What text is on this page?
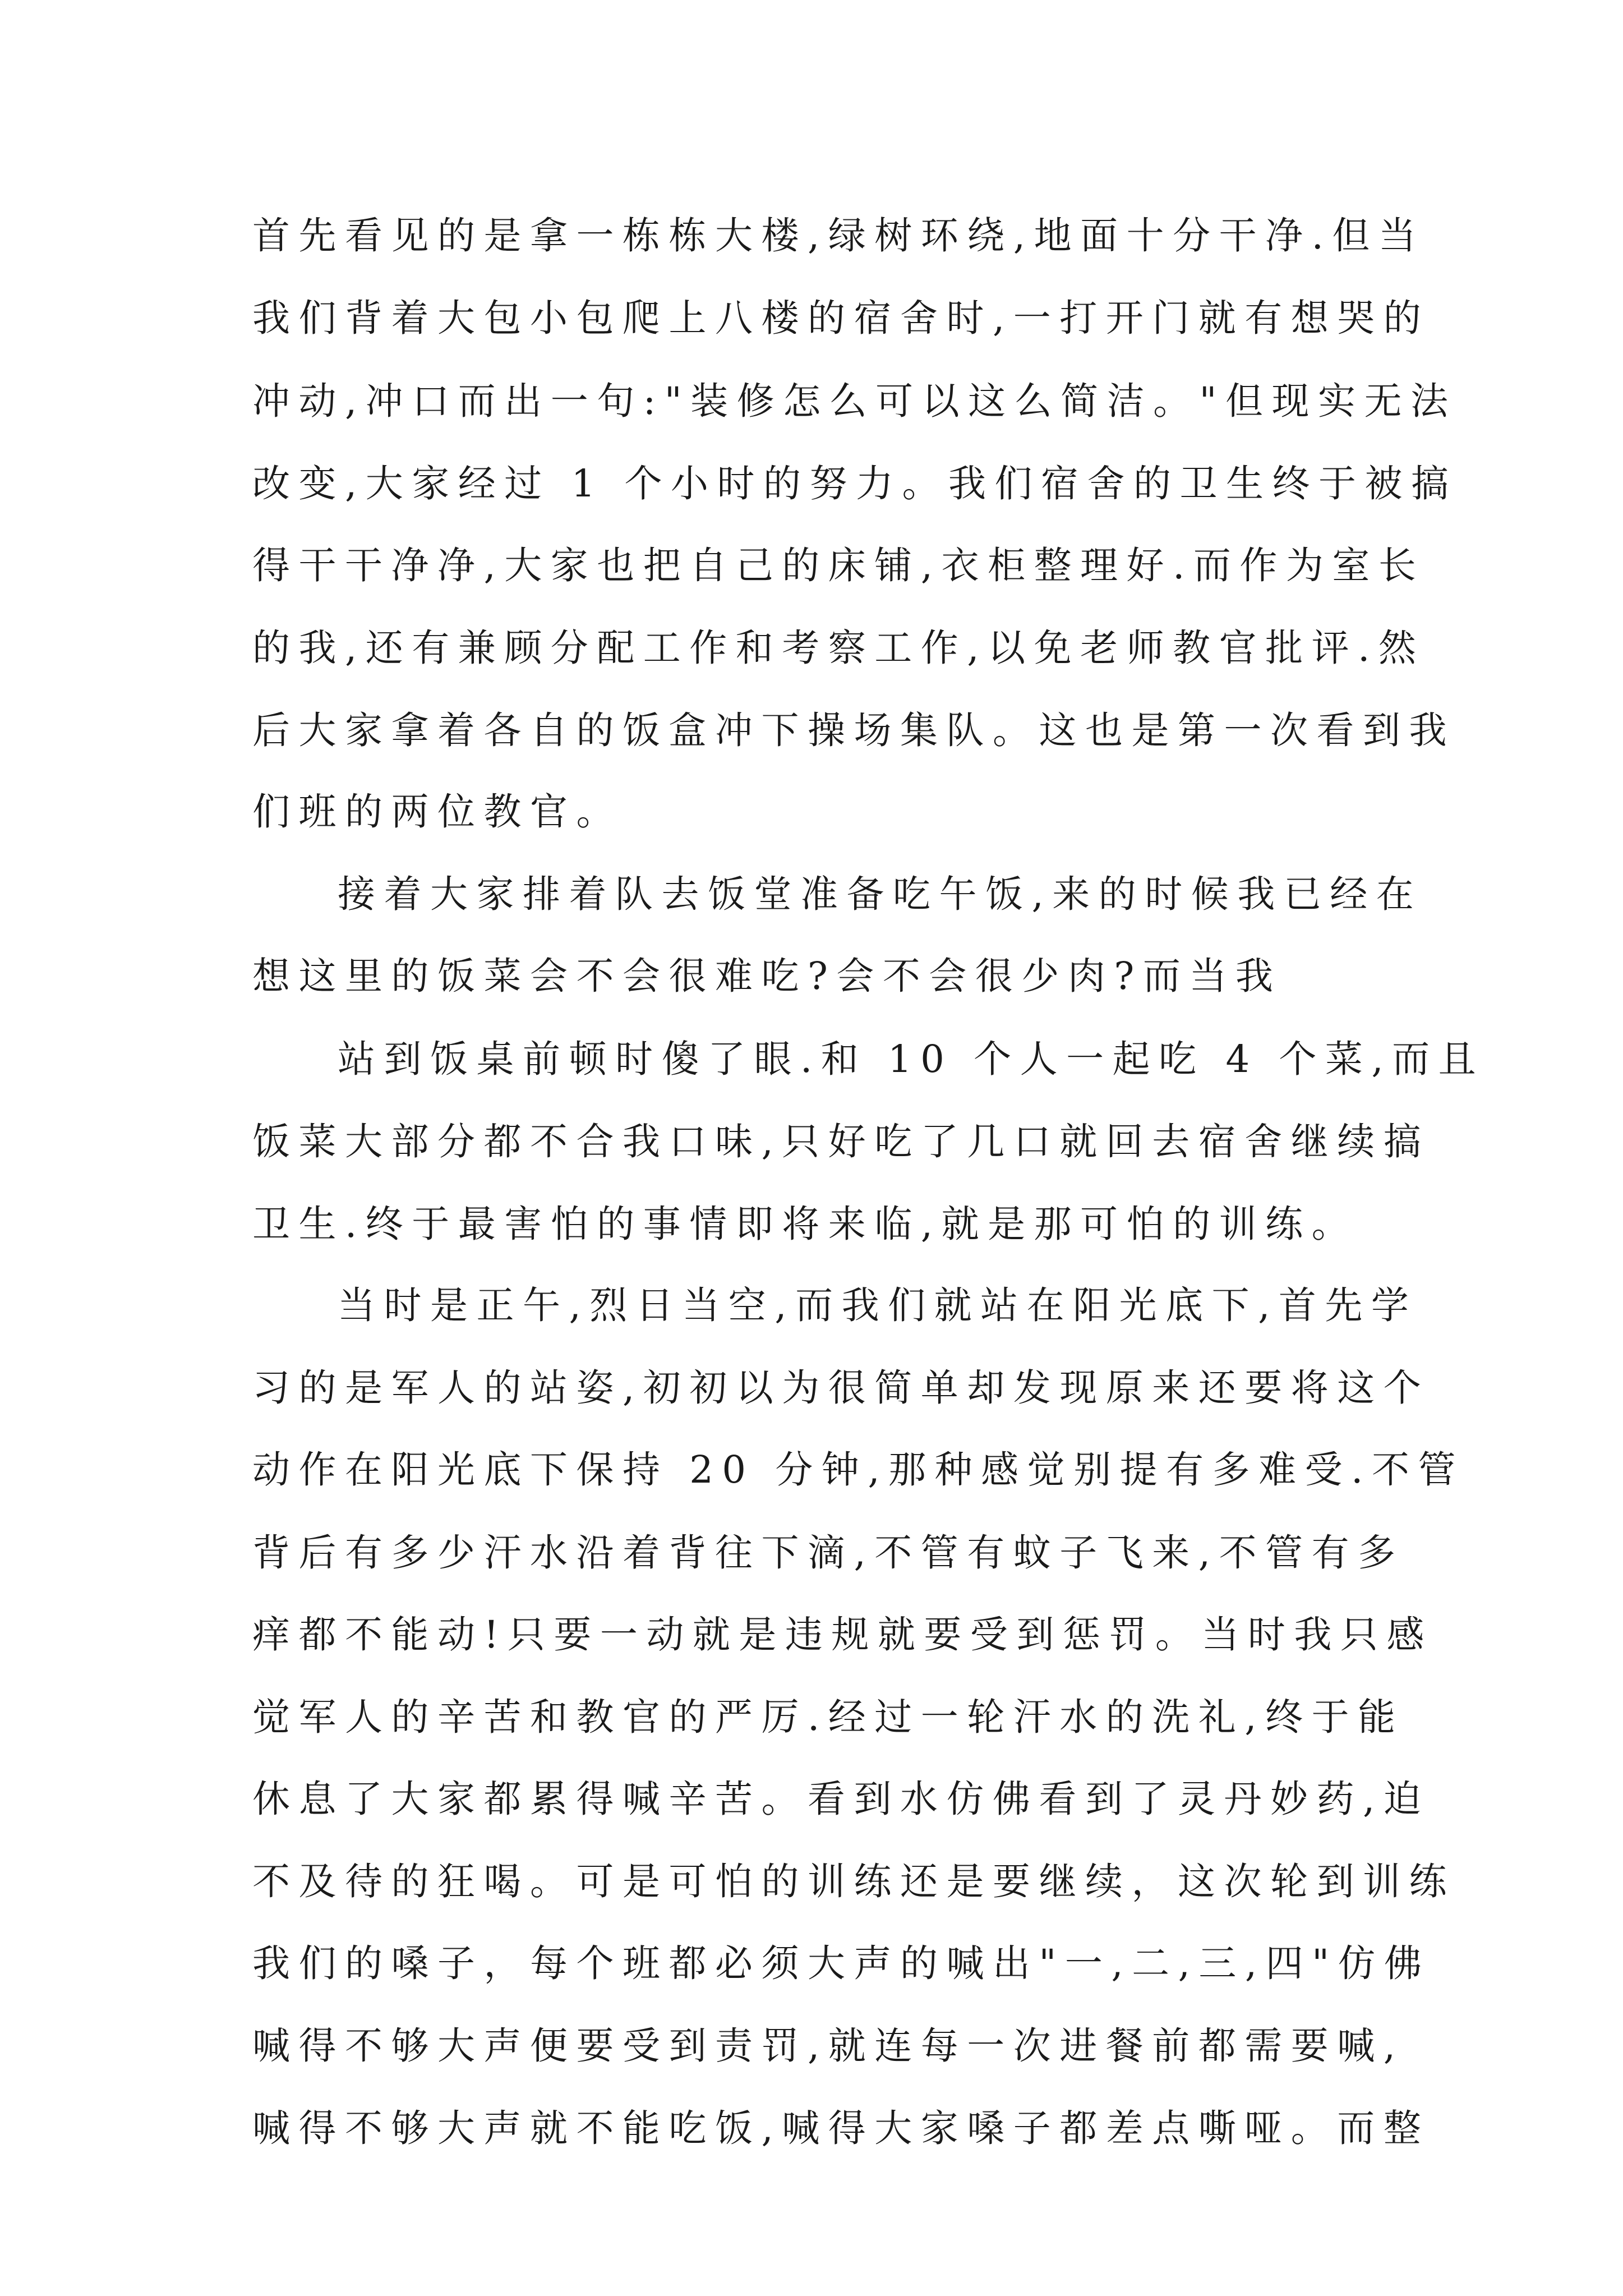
首先看见的是拿一栋栋大楼,绿树环绕,地面十分干净.但当
我们背着大包小包爬上八楼的宿舍时,一打开门就有想哭的
冲动,冲口而出一句:"装修怎么可以这么简洁。"但现实无法
改变,大家经过 1 个小时的努力。我们宿舍的卫生终于被搞
得干干净净,大家也把自己的床铺,衣柜整理好.而作为室长
的我,还有兼顾分配工作和考察工作,以免老师教官批评.然
后大家拿着各自的饭盒冲下操场集队。这也是第一次看到我
们班的两位教官。
接着大家排着队去饭堂准备吃午饭,来的时候我已经在
想这里的饭菜会不会很难吃?会不会很少肉?而当我
站到饭桌前顿时傻了眼.和 10 个人一起吃 4 个菜,而且
饭菜大部分都不合我口味,只好吃了几口就回去宿舍继续搞
卫生.终于最害怕的事情即将来临,就是那可怕的训练。
当时是正午,烈日当空,而我们就站在阳光底下,首先学
习的是军人的站姿,初初以为很简单却发现原来还要将这个
动作在阳光底下保持 20 分钟,那种感觉别提有多难受.不管
背后有多少汗水沿着背往下滴,不管有蚊子飞来,不管有多
痒都不能动!只要一动就是违规就要受到惩罚。当时我只感
觉军人的辛苦和教官的严厉.经过一轮汗水的洗礼,终于能
休息了大家都累得喊辛苦。看到水仿佛看到了灵丹妙药,迫
不及待的狂喝。可是可怕的训练还是要继续，这次轮到训练
我们的嗓子，每个班都必须大声的喊出"一,二,三,四"仿佛
喊得不够大声便要受到责罚,就连每一次进餐前都需要喊,
喊得不够大声就不能吃饭,喊得大家嗓子都差点嘶哑。而整
